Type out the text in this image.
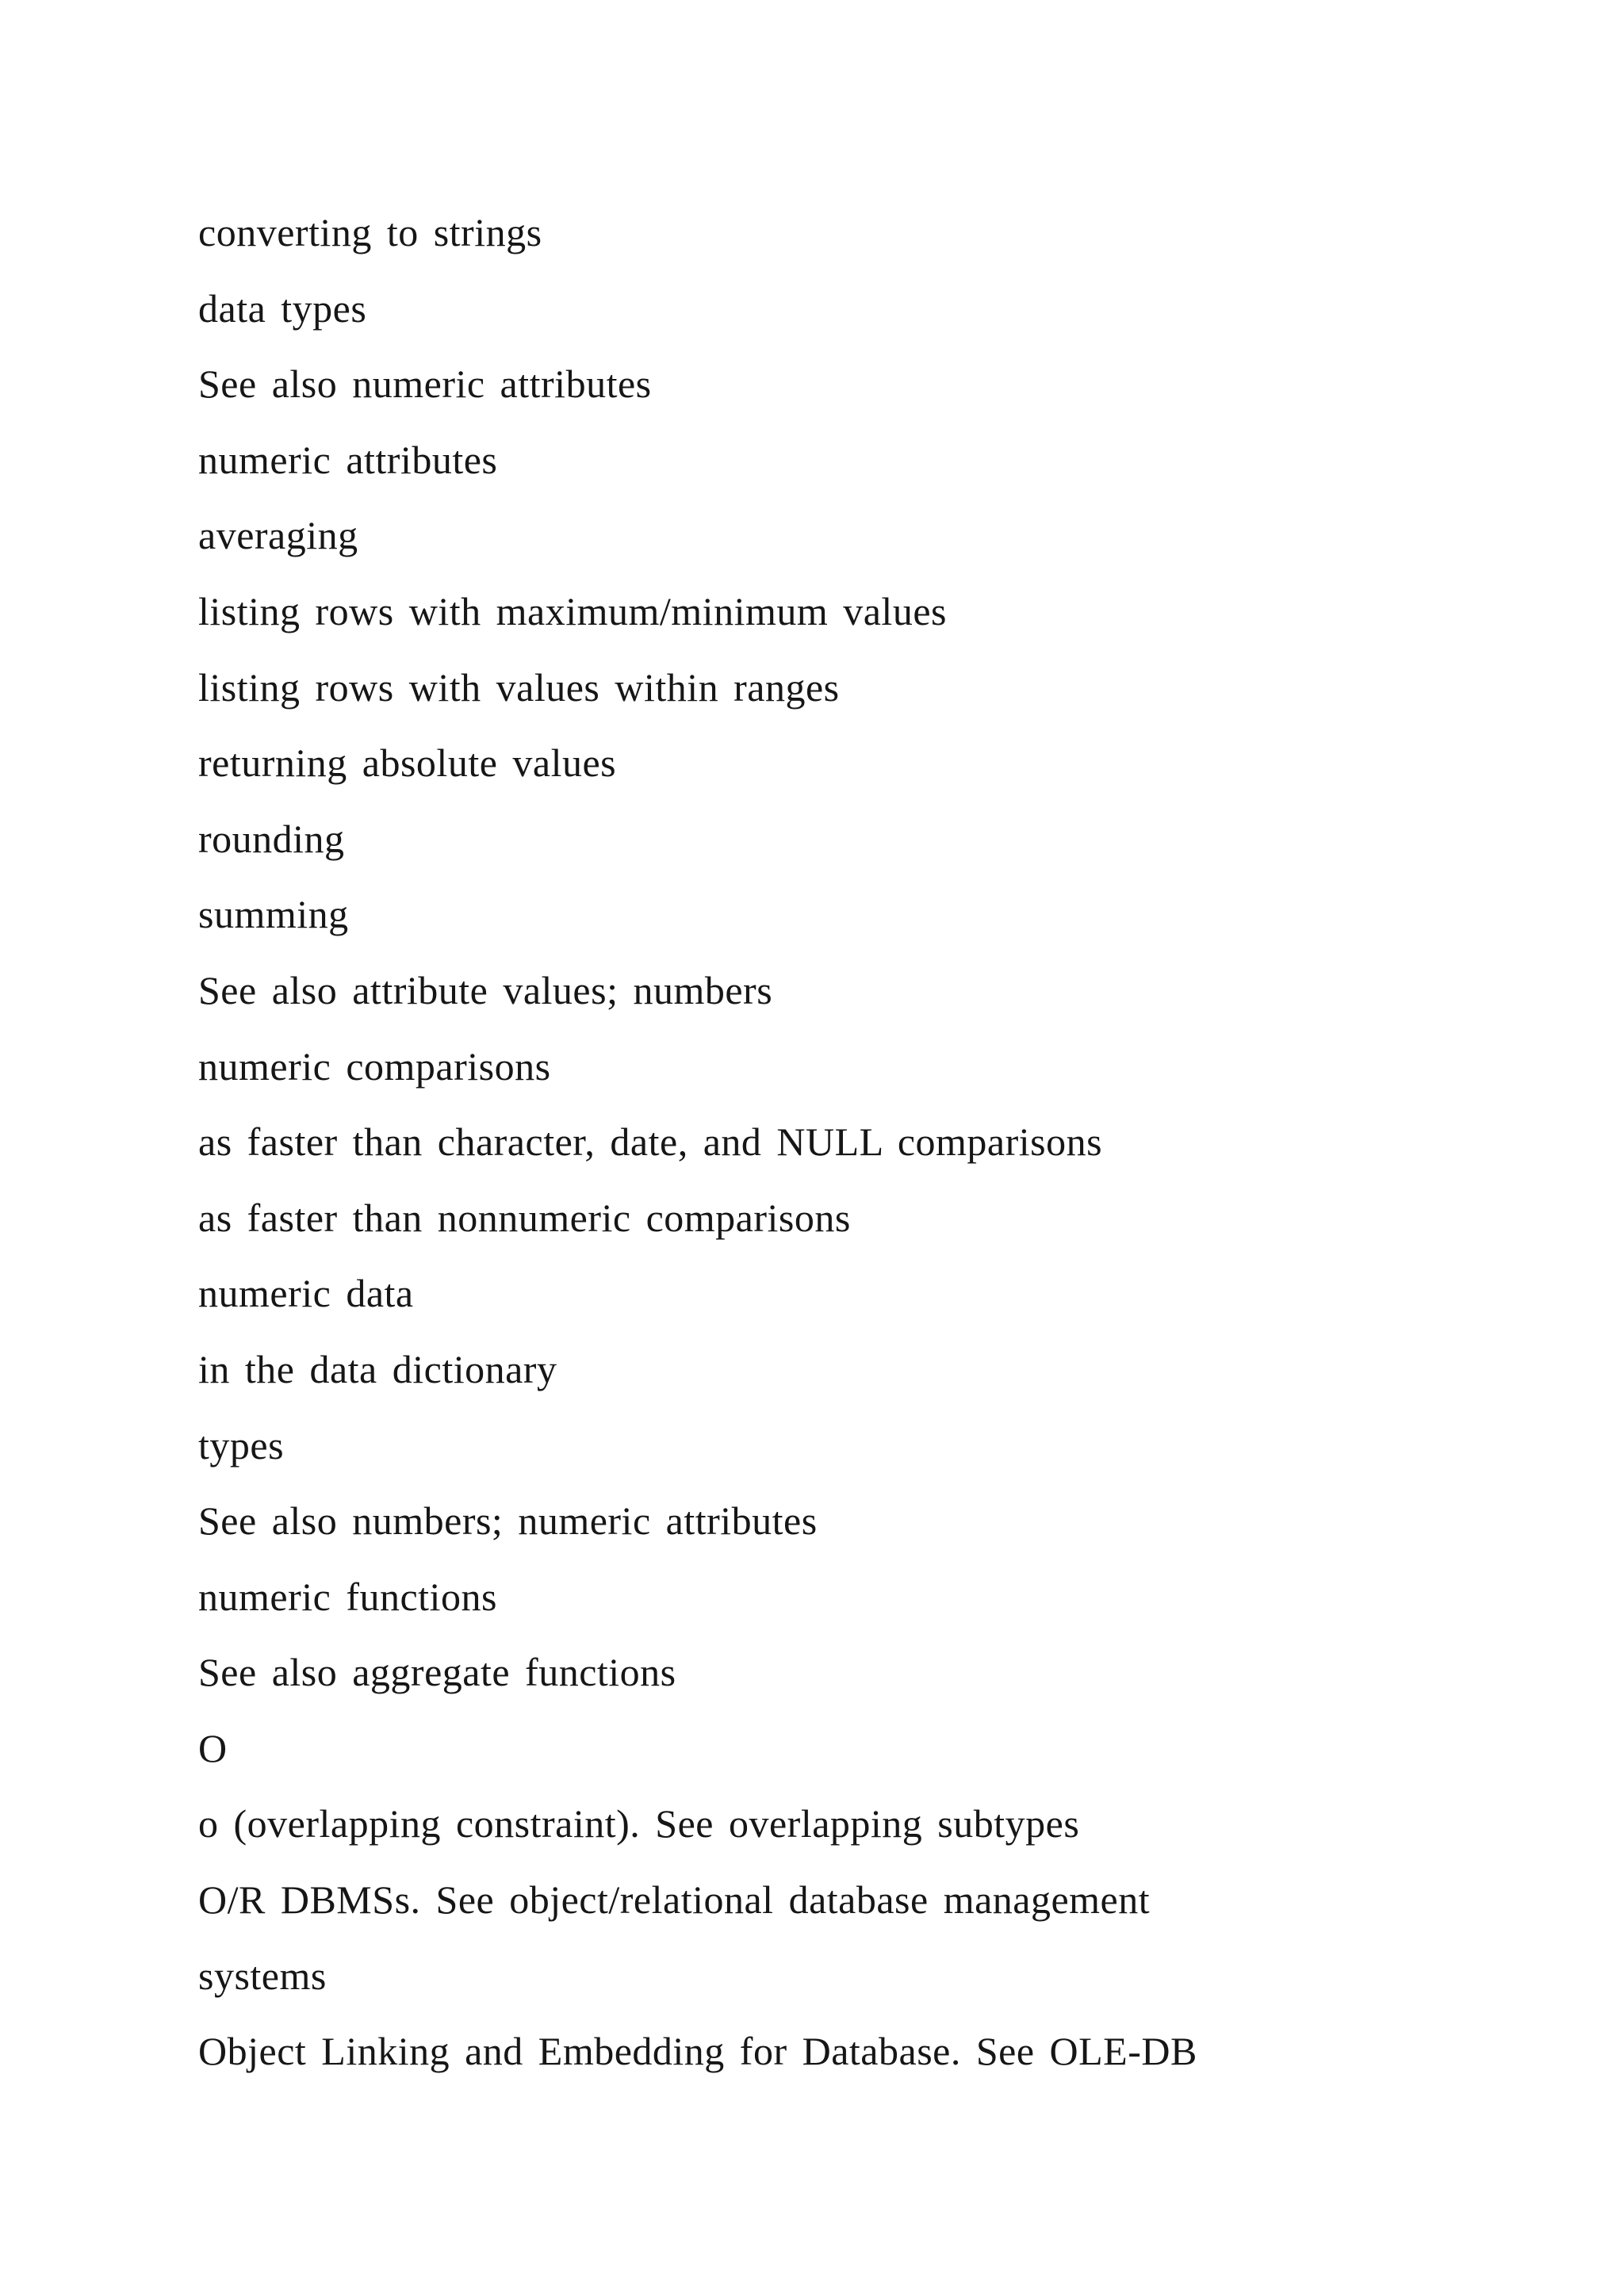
converting to strings
data types
See also numeric attributes
numeric attributes
averaging
listing rows with maximum/minimum values
listing rows with values within ranges
returning absolute values
rounding
summing
See also attribute values; numbers
numeric comparisons
as faster than character, date, and NULL comparisons
as faster than nonnumeric comparisons
numeric data
in the data dictionary
types
See also numbers; numeric attributes
numeric functions
See also aggregate functions
O
o (overlapping constraint). See overlapping subtypes
O/R DBMSs. See object/relational database management
systems
Object Linking and Embedding for Database. See OLE-DB
